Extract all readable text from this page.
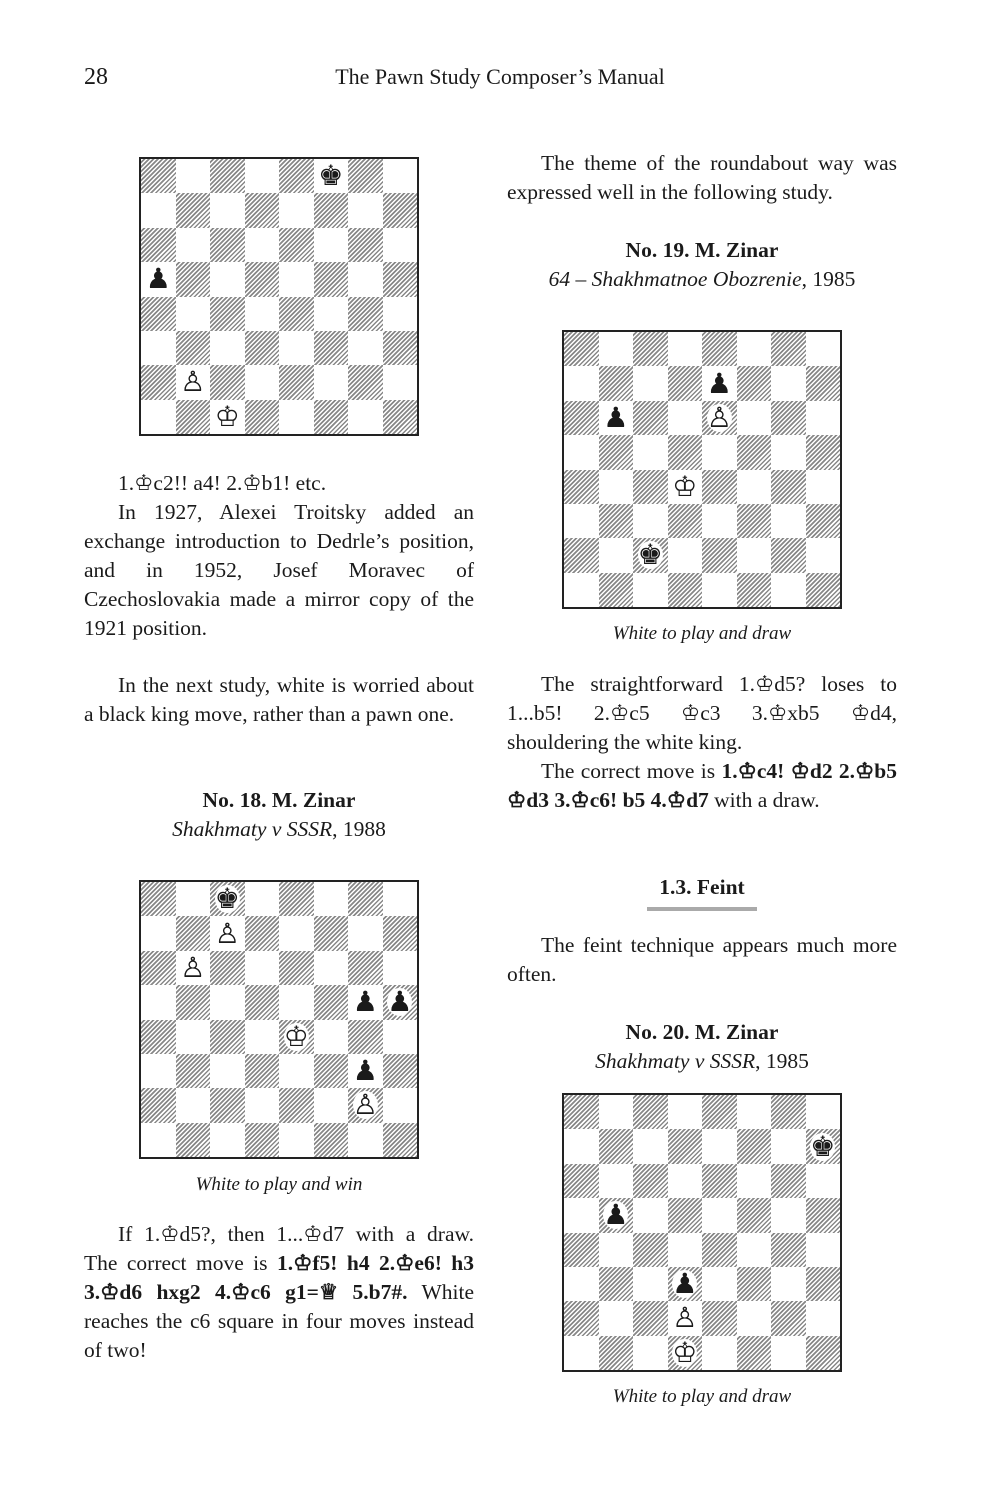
28	The Pawn Study Composer’s Manual
♚
♟
♙
♔

1.♔c2!! a4! 2.♔b1! etc.

In 1927, Alexei Troitsky added an exchange introduction to Dedrle’s position, and in 1952, Josef Moravec of Czechoslovakia made a mirror copy of the 1921 position.

In the next study, white is worried about a black king move, rather than a pawn one.

No. 18. M. Zinar
Shakhmaty v SSSR, 1988
♚
♙
♙
♟ ♟
♔
♟
♙
White to play and win

If 1.♔d5?, then 1...♔d7 with a draw. The correct move is 1.♔f5! h4 2.♔e6! h3 3.♔d6 hxg2 4.♔c6 g1=♕ 5.b7#. White reaches the c6 square in four moves instead of two!

The theme of the roundabout way was expressed well in the following study.

No. 19. M. Zinar
64 – Shakhmatnoe Obozrenie, 1985
♟
♟	♙
♔
♚
White to play and draw

The straightforward 1.♔d5? loses to 1...b5! 2.♔c5 ♔c3 3.♔xb5 ♔d4, shouldering the white king.

The correct move is 1.♔c4! ♔d2 2.♔b5 ♔d3 3.♔c6! b5 4.♔d7 with a draw.

1.3. Feint

The feint technique appears much more often.

No. 20. M. Zinar
Shakhmaty v SSSR, 1985
♚
♟
♟
♙
♔
White to play and draw
